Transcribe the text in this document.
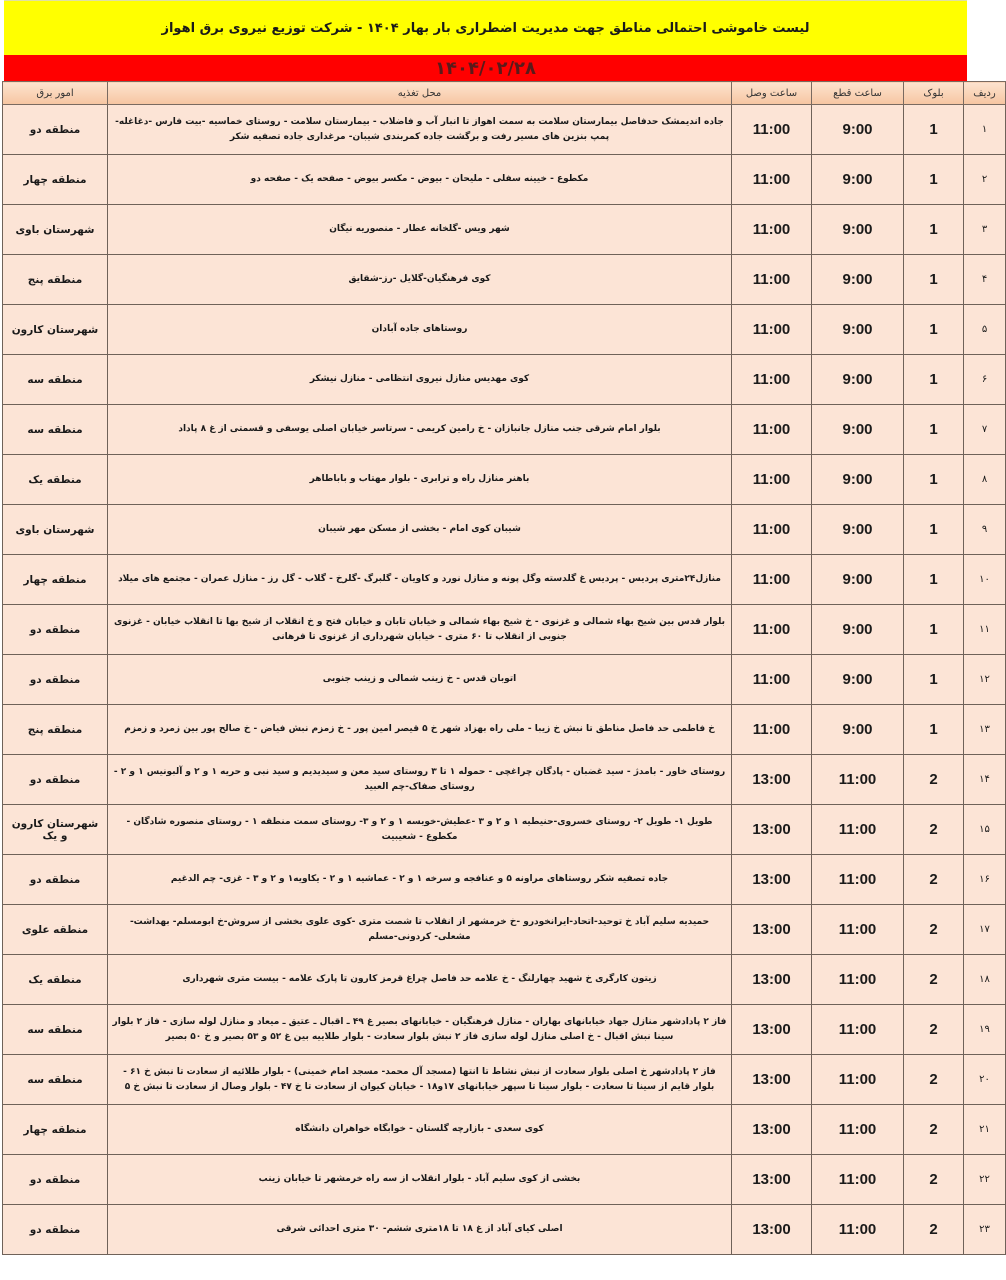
لیست خاموشی احتمالی مناطق جهت مدیریت اضطراری بار بهار ۱۴۰۴ - شرکت توزیع نیروی برق اهواز
۱۴۰۴/۰۲/۲۸
ردیف	بلوک	ساعت قطع	ساعت وصل	محل تغذیه	امور برق
۱	1	9:00	11:00	جاده اندیمشک حدفاصل بیمارستان سلامت به سمت اهواز تا انبار آب و فاضلاب - بیمارستان سلامت - روستای خماسیه -بیت فارس -دغاغله-پمپ بنزین های مسیر رفت و برگشت جاده کمربندی شیبان- مرغداری جاده تصفیه شکر	منطقه دو
۲	1	9:00	11:00	مکطوع - خیینه سفلی - ملیحان - بیوض - مکسر بیوض - صفحه یک - صفحه دو	منطقه چهار
۳	1	9:00	11:00	شهر ویس -گلخانه عطار - منصوریه نیگان	شهرستان باوی
۴	1	9:00	11:00	کوی فرهنگیان-گلایل -رز-شقایق	منطقه پنج
۵	1	9:00	11:00	روستاهای جاده آبادان	شهرستان کارون
۶	1	9:00	11:00	کوی مهدیس منازل نیروی انتظامی - منازل نیشکر	منطقه سه
۷	1	9:00	11:00	بلوار امام شرقی جنب منازل جانبازان - خ رامین کریمی - سرتاسر خیابان اصلی یوسفی و قسمتی از غ ۸ پاداد	منطقه سه
۸	1	9:00	11:00	باهنر منازل راه و ترابری - بلوار مهتاب و باباطاهر	منطقه یک
۹	1	9:00	11:00	شیبان کوی امام - بخشی از مسکن مهر شیبان	شهرستان باوی
۱۰	1	9:00	11:00	منازل۲۴متری پردیس - پردیس غ گلدسته وگل پونه و منازل نورد و کاویان - گلبرگ -گلرخ - گلاب - گل رز - منازل عمران - مجتمع های میلاد	منطقه چهار
۱۱	1	9:00	11:00	بلوار قدس بین شیخ بهاء شمالی و غزنوی - خ شیخ بهاء شمالی و خیابان تابان و خیابان فتح و خ انقلاب از شیخ بها تا انقلاب خیابان - غزنوی جنوبی از انقلاب تا ۶۰ متری - خیابان شهرداری از غزنوی تا فرهانی	منطقه دو
۱۲	1	9:00	11:00	اتوبان قدس - خ زینب شمالی و زینب جنوبی	منطقه دو
۱۳	1	9:00	11:00	خ فاطمی حد فاصل مناطق تا نبش خ زیبا - ملی راه بهزاد شهر خ ۵ قیصر امین پور - خ زمزم نبش فیاض - خ صالح پور بین زمرد و زمزم	منطقه پنج
۱۴	2	11:00	13:00	روستای خاور - بامدژ - سید غضبان - پادگان چراغچی - حموله ۱ تا ۳ روستای سید معن و سیدیدیم و سید نبی و حریه ۱ و ۲ و آلبونیس ۱ و ۲ - روستای صفاک-چم العبید	منطقه دو
۱۵	2	11:00	13:00	طویل ۱- طویل ۲- روستای خسروی-حنیطیه ۱ و ۲ و ۳ -عطیش-خویسه ۱ و ۲ و ۳- روستای سمت منطقه ۱ - روستای منصوره شادگان - مکطوع - شعیبیت	شهرستان کارون و یک
۱۶	2	11:00	13:00	جاده تصفیه شکر روستاهای مراونه ۵ و عنافجه و سرخه ۱ و ۲ - عماشیه ۱ و ۲ - یکاویه۱ و ۲ و ۳ - غزی- چم الدغیم	منطقه دو
۱۷	2	11:00	13:00	حمیدیه سلیم آباد خ توحید-اتحاد-ایرانخودرو -خ خرمشهر از انقلاب تا شصت متری -کوی علوی بخشی از سروش-خ ابومسلم- بهداشت- مشعلی- کردونی-مسلم	منطقه علوی
۱۸	2	11:00	13:00	زیتون کارگری خ شهید چهارلنگ - خ علامه حد فاصل چراغ قرمز کارون تا پارک علامه - بیست متری شهرداری	منطقه یک
۱۹	2	11:00	13:00	فاز ۲ پادادشهر منازل جهاد خیابانهای بهاران - منازل فرهنگیان - خیابانهای بصیر غ ۴۹ ـ اقبال ـ عتیق ـ میعاد و منازل لوله سازی - فاز ۲ بلوار سینا نبش اقبال - خ اصلی منازل لوله سازی فاز ۲ نبش بلوار سعادت - بلوار طلاییه بین غ ۵۲ و ۵۳ بصیر و خ ۵۰ بصیر	منطقه سه
۲۰	2	11:00	13:00	فاز ۲ پادادشهر خ اصلی بلوار سعادت از نبش نشاط تا انتها (مسجد آل محمد- مسجد امام خمینی) - بلوار طلائیه از سعادت تا نبش خ ۶۱ - بلوار قایم از سینا تا سعادت - بلوار سینا تا سپهر خیابانهای ۱۷و۱۸ - خیابان کیوان از سعادت تا خ ۴۷ - بلوار وصال از سعادت تا نبش خ ۵	منطقه سه
۲۱	2	11:00	13:00	کوی سعدی - بازارچه گلستان - خوابگاه خواهران دانشگاه	منطقه چهار
۲۲	2	11:00	13:00	بخشی از کوی سلیم آباد - بلوار انقلاب از سه راه خرمشهر تا خیابان زینب	منطقه دو
۲۳	2	11:00	13:00	اصلی کیای آباد از غ ۱۸ تا ۱۸متری ششم- ۳۰ متری احدائی شرقی	منطقه دو
